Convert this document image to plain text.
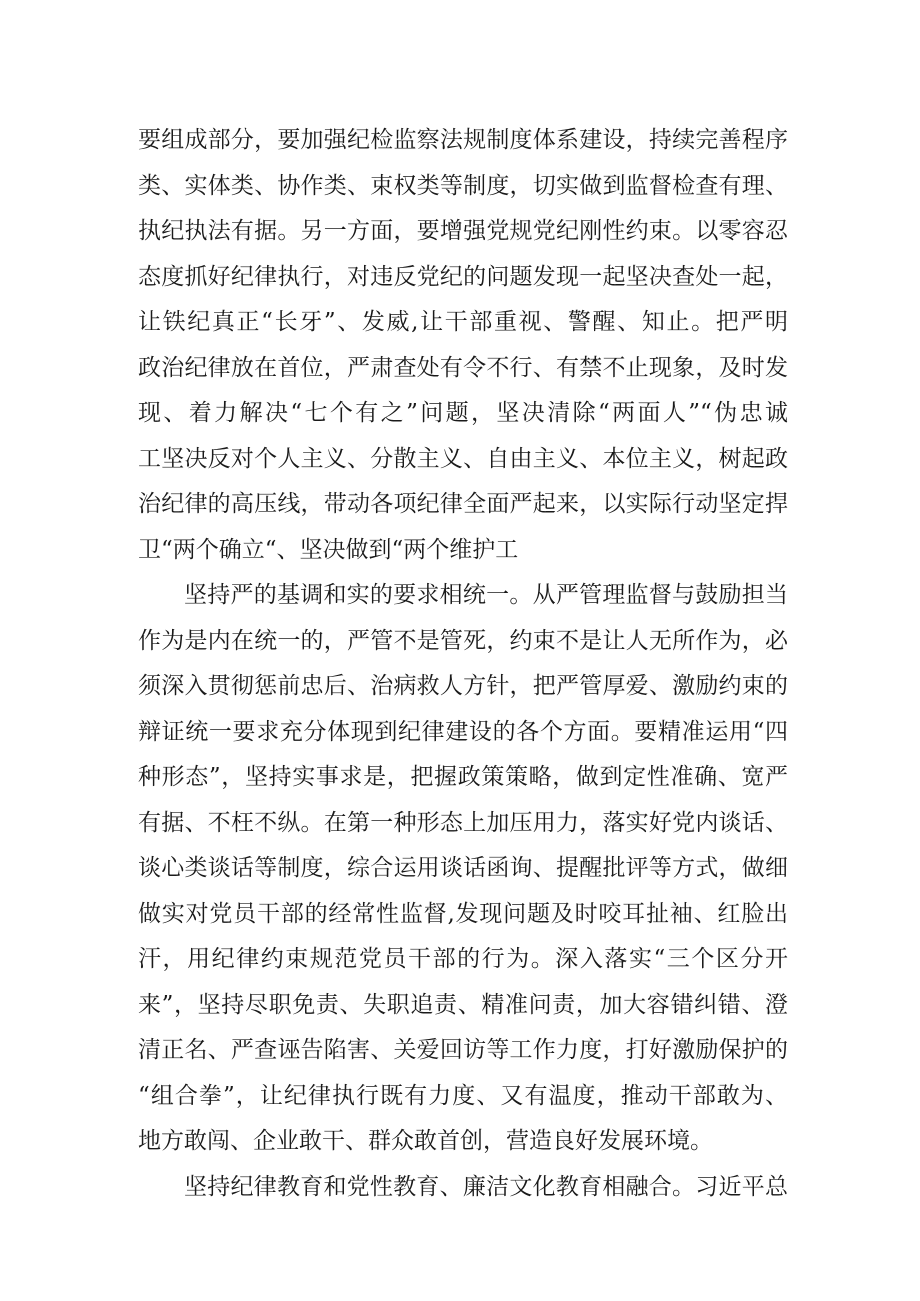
要组成部分，要加强纪检监察法规制度体系建设，持续完善程序
类、实体类、协作类、束权类等制度，切实做到监督检查有理、
执纪执法有据。另一方面，要增强党规党纪刚性约束。以零容忍
态度抓好纪律执行，对违反党纪的问题发现一起坚决查处一起，
让铁纪真正“长牙”、发威,让干部重视、警醒、知止。把严明
政治纪律放在首位，严肃查处有令不行、有禁不止现象，及时发
现、着力解决“七个有之”问题，坚决清除“两面人”“伪忠诚
工坚决反对个人主义、分散主义、自由主义、本位主义，树起政
治纪律的高压线，带动各项纪律全面严起来，以实际行动坚定捍
卫“两个确立“、坚决做到“两个维护工
坚持严的基调和实的要求相统一。从严管理监督与鼓励担当
作为是内在统一的，严管不是管死，约束不是让人无所作为，必
须深入贯彻惩前忠后、治病救人方针，把严管厚爱、激励约束的
辩证统一要求充分体现到纪律建设的各个方面。要精准运用“四
种形态”，坚持实事求是，把握政策策略，做到定性准确、宽严
有据、不枉不纵。在第一种形态上加压用力，落实好党内谈话、
谈心类谈话等制度，综合运用谈话函询、提醒批评等方式，做细
做实对党员干部的经常性监督,发现问题及时咬耳扯袖、红脸出
汗，用纪律约束规范党员干部的行为。深入落实“三个区分开
来”，坚持尽职免责、失职追责、精准问责，加大容错纠错、澄
清正名、严查诬告陷害、关爱回访等工作力度，打好激励保护的
“组合拳”，让纪律执行既有力度、又有温度，推动干部敢为、
地方敢闯、企业敢干、群众敢首创，营造良好发展环境。
坚持纪律教育和党性教育、廉洁文化教育相融合。习近平总
